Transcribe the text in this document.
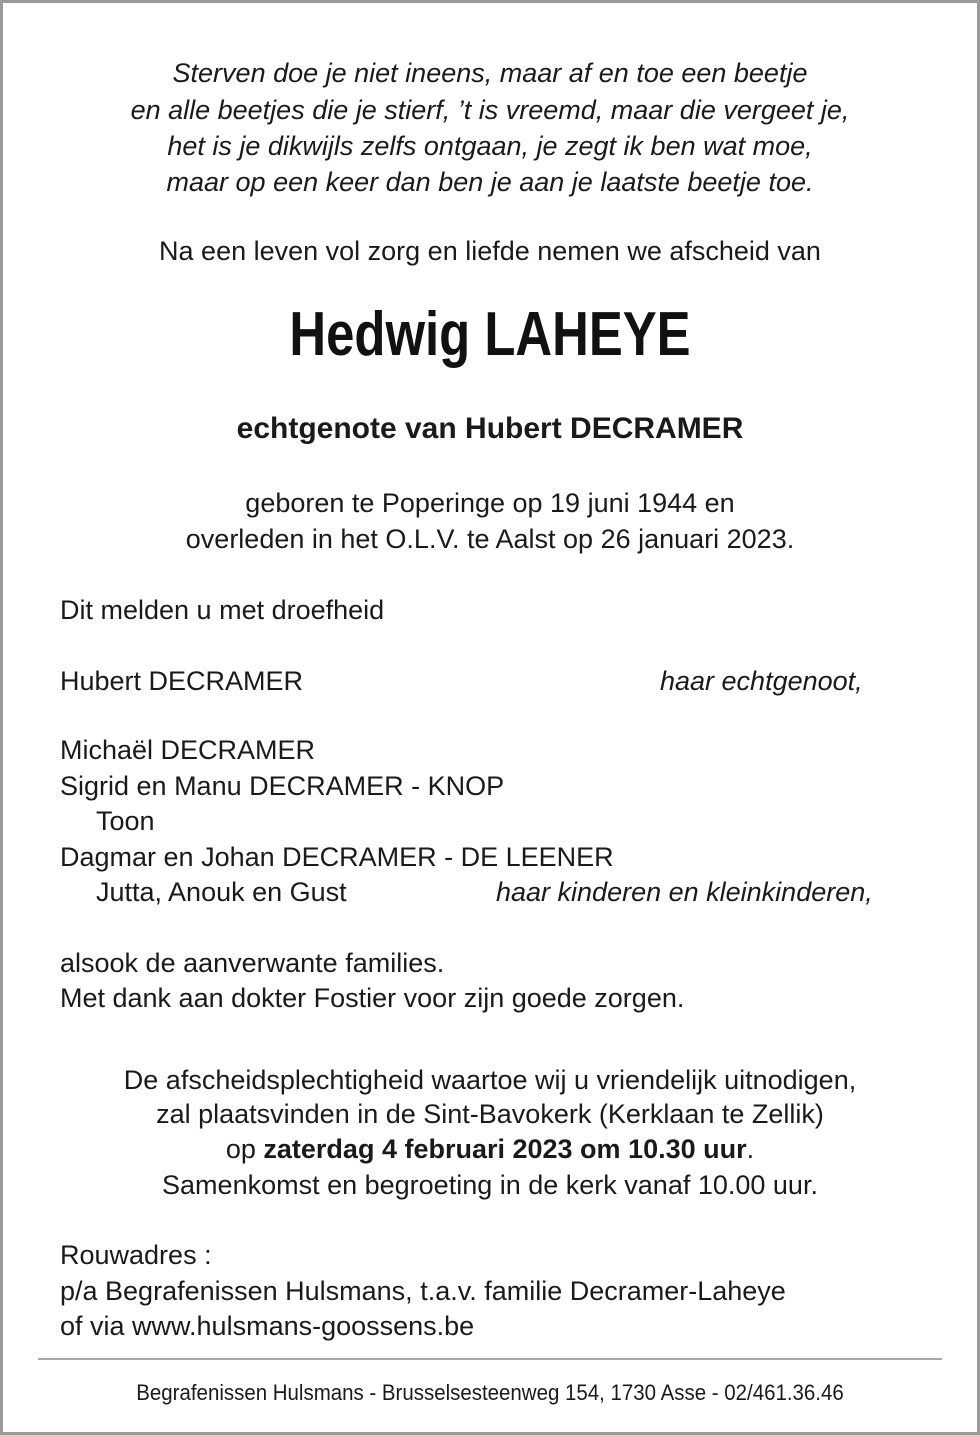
Sterven doe je niet ineens, maar af en toe een beetje
en alle beetjes die je stierf, ’t is vreemd, maar die vergeet je,
het is je dikwijls zelfs ontgaan, je zegt ik ben wat moe,
maar op een keer dan ben je aan je laatste beetje toe.
Na een leven vol zorg en liefde nemen we afscheid van
Hedwig LAHEYE
echtgenote van Hubert DECRAMER
geboren te Poperinge op 19 juni 1944 en
overleden in het O.L.V. te Aalst op 26 januari 2023.
Dit melden u met droefheid
Hubert DECRAMER	haar echtgenoot,
Michaël DECRAMER
Sigrid en Manu DECRAMER - KNOP
Toon
Dagmar en Johan DECRAMER - DE LEENER
Jutta, Anouk en Gust	haar kinderen en kleinkinderen,
alsook de aanverwante families.
Met dank aan dokter Fostier voor zijn goede zorgen.
De afscheidsplechtigheid waartoe wij u vriendelijk uitnodigen,
zal plaatsvinden in de Sint-Bavokerk (Kerklaan te Zellik)
op zaterdag 4 februari 2023 om 10.30 uur.
Samenkomst en begroeting in de kerk vanaf 10.00 uur.
Rouwadres :
p/a Begrafenissen Hulsmans, t.a.v. familie Decramer-Laheye
of via www.hulsmans-goossens.be
Begrafenissen Hulsmans - Brusselsesteenweg 154, 1730 Asse - 02/461.36.46
